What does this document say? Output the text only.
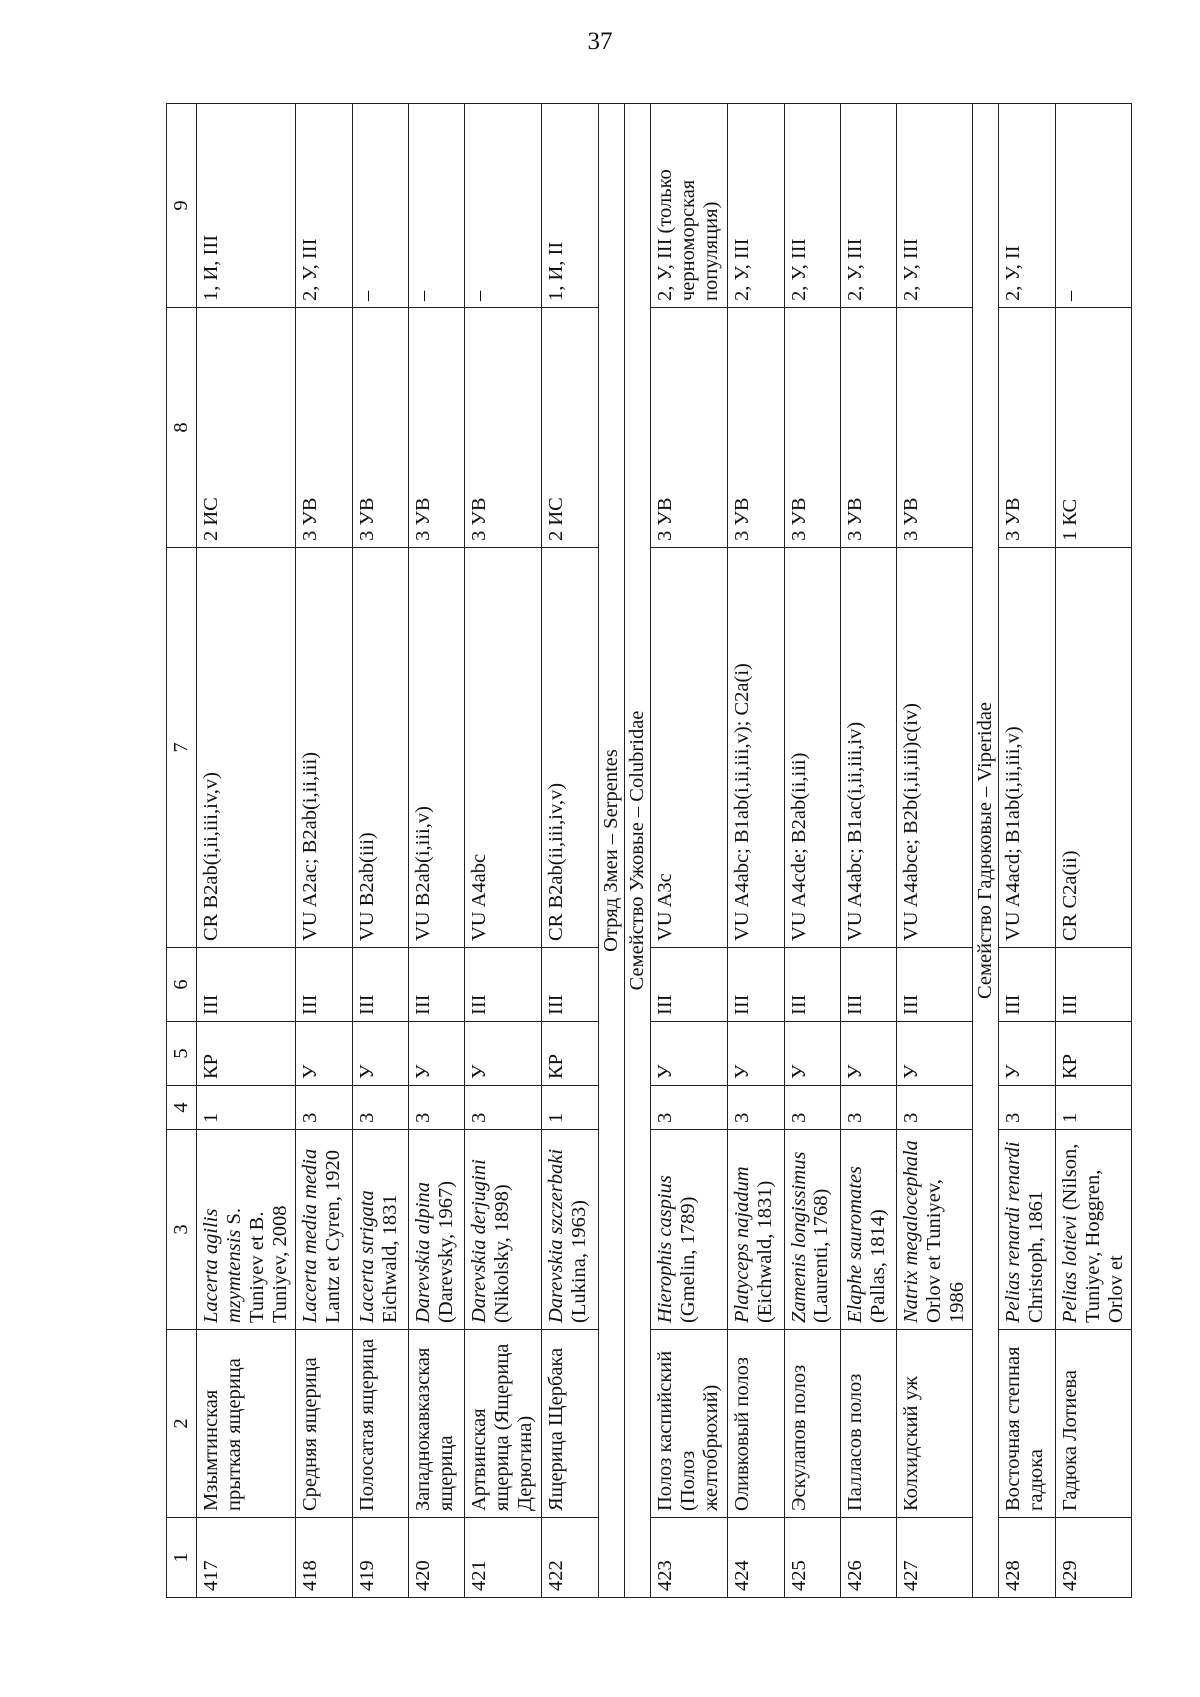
37
1	2	3	4	5	6	7	8	9
417	Мзымтинская прыткая ящерица	Lacerta agilis mzymtensis S. Tuniyev et B. Tuniyev, 2008	1	КР	III	CR B2ab(i,ii,iii,iv,v)	2 ИС	1, И, III
418	Средняя ящерица	Lacerta media media Lantz et Cyren, 1920	3	У	III	VU A2ac; B2ab(i,ii,iii)	3 УВ	2, У, III
419	Полосатая ящерица	Lacerta strigata Eichwald, 1831	3	У	III	VU B2ab(iii)	3 УВ	–
420	Западнокавказская ящерица	Darevskia alpina (Darevsky, 1967)	3	У	III	VU B2ab(i,iii,v)	3 УВ	–
421	Артвинская ящерица (Ящерица Дерюгина)	Darevskia derjugini (Nikolsky, 1898)	3	У	III	VU A4abc	3 УВ	–
422	Ящерица Щербака	Darevskia szczerbaki (Lukina, 1963)	1	КР	III	CR B2ab(ii,iii,iv,v)	2 ИС	1, И, II
Отряд Змеи – Serpentes								
Семейство Ужовые – Colubridae								
423	Полоз каспийский (Полоз желтобрюхий)	Hierophis caspius (Gmelin, 1789)	3	У	III	VU A3c	3 УВ	2, У, III (только черноморская популяция)
424	Оливковый полоз	Platyceps najadum (Eichwald, 1831)	3	У	III	VU A4abc; B1ab(i,ii,iii,v); C2a(i)	3 УВ	2, У, III
425	Эскулапов полоз	Zamenis longissimus (Laurenti, 1768)	3	У	III	VU A4cde; B2ab(ii,iii)	3 УВ	2, У, III
426	Палласов полоз	Elaphe sauromates (Pallas, 1814)	3	У	III	VU A4abc; B1ac(i,ii,iii,iv)	3 УВ	2, У, III
427	Колхидский уж	Natrix megalocephala Orlov et Tuniyev, 1986	3	У	III	VU A4abce; B2b(i,ii,iii)c(iv)	3 УВ	2, У, III
Семейство Гадюковые – Viperidae								
428	Восточная степная гадюка	Pelias renardi renardi Christoph, 1861	3	У	III	VU A4acd; B1ab(i,ii,iii,v)	3 УВ	2, У, II
429	Гадюка Лотиева	Pelias lotievi (Nilson, Tuniyev, Hoggren, Orlov et	1	КР	III	CR C2a(ii)	1 КС	–
